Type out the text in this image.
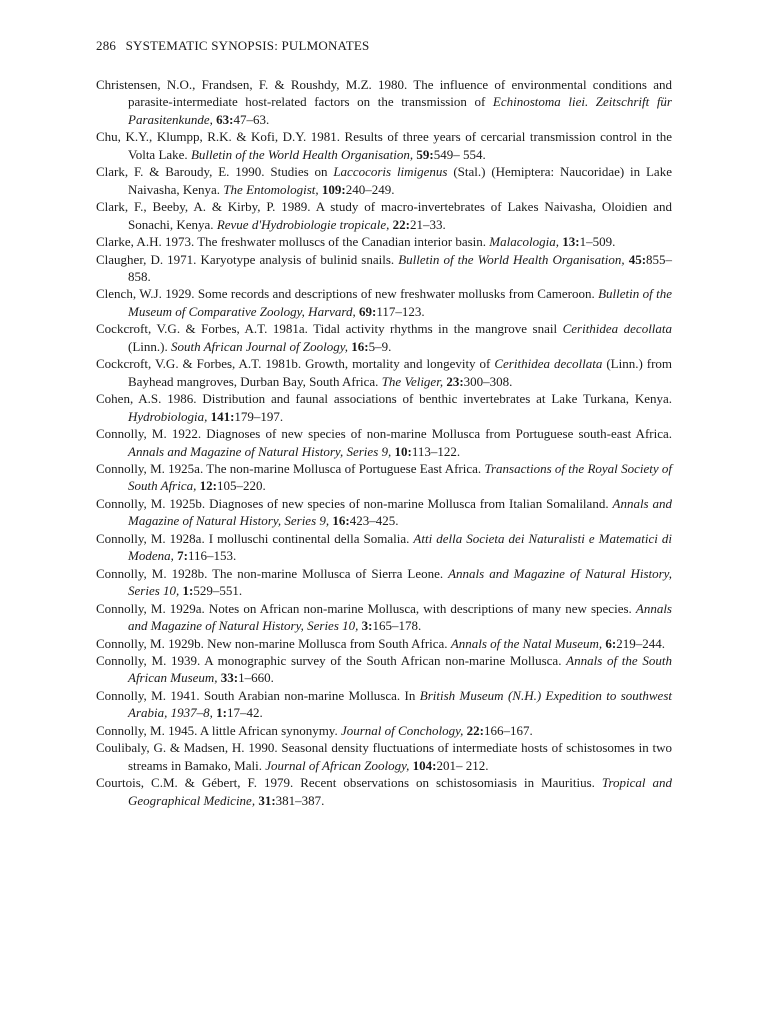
286 SYSTEMATIC SYNOPSIS: PULMONATES
Christensen, N.O., Frandsen, F. & Roushdy, M.Z. 1980. The influence of environmental conditions and parasite-intermediate host-related factors on the transmission of Echinostoma liei. Zeitschrift für Parasitenkunde, 63:47–63.
Chu, K.Y., Klumpp, R.K. & Kofi, D.Y. 1981. Results of three years of cercarial transmission control in the Volta Lake. Bulletin of the World Health Organisation, 59:549– 554.
Clark, F. & Baroudy, E. 1990. Studies on Laccocoris limigenus (Stal.) (Hemiptera: Naucoridae) in Lake Naivasha, Kenya. The Entomologist, 109:240–249.
Clark, F., Beeby, A. & Kirby, P. 1989. A study of macro-invertebrates of Lakes Naivasha, Oloidien and Sonachi, Kenya. Revue d'Hydrobiologie tropicale, 22:21–33.
Clarke, A.H. 1973. The freshwater molluscs of the Canadian interior basin. Malacologia, 13:1–509.
Claugher, D. 1971. Karyotype analysis of bulinid snails. Bulletin of the World Health Organisation, 45:855–858.
Clench, W.J. 1929. Some records and descriptions of new freshwater mollusks from Cameroon. Bulletin of the Museum of Comparative Zoology, Harvard, 69:117–123.
Cockcroft, V.G. & Forbes, A.T. 1981a. Tidal activity rhythms in the mangrove snail Cerithidea decollata (Linn.). South African Journal of Zoology, 16:5–9.
Cockcroft, V.G. & Forbes, A.T. 1981b. Growth, mortality and longevity of Cerithidea decollata (Linn.) from Bayhead mangroves, Durban Bay, South Africa. The Veliger, 23:300–308.
Cohen, A.S. 1986. Distribution and faunal associations of benthic invertebrates at Lake Turkana, Kenya. Hydrobiologia, 141:179–197.
Connolly, M. 1922. Diagnoses of new species of non-marine Mollusca from Portuguese south-east Africa. Annals and Magazine of Natural History, Series 9, 10:113–122.
Connolly, M. 1925a. The non-marine Mollusca of Portuguese East Africa. Transactions of the Royal Society of South Africa, 12:105–220.
Connolly, M. 1925b. Diagnoses of new species of non-marine Mollusca from Italian Somaliland. Annals and Magazine of Natural History, Series 9, 16:423–425.
Connolly, M. 1928a. I molluschi continental della Somalia. Atti della Societa dei Naturalisti e Matematici di Modena, 7:116–153.
Connolly, M. 1928b. The non-marine Mollusca of Sierra Leone. Annals and Magazine of Natural History, Series 10, 1:529–551.
Connolly, M. 1929a. Notes on African non-marine Mollusca, with descriptions of many new species. Annals and Magazine of Natural History, Series 10, 3:165–178.
Connolly, M. 1929b. New non-marine Mollusca from South Africa. Annals of the Natal Museum, 6:219–244.
Connolly, M. 1939. A monographic survey of the South African non-marine Mollusca. Annals of the South African Museum, 33:1–660.
Connolly, M. 1941. South Arabian non-marine Mollusca. In British Museum (N.H.) Expedition to southwest Arabia, 1937–8, 1:17–42.
Connolly, M. 1945. A little African synonymy. Journal of Conchology, 22:166–167.
Coulibaly, G. & Madsen, H. 1990. Seasonal density fluctuations of intermediate hosts of schistosomes in two streams in Bamako, Mali. Journal of African Zoology, 104:201– 212.
Courtois, C.M. & Gébert, F. 1979. Recent observations on schistosomiasis in Mauritius. Tropical and Geographical Medicine, 31:381–387.
